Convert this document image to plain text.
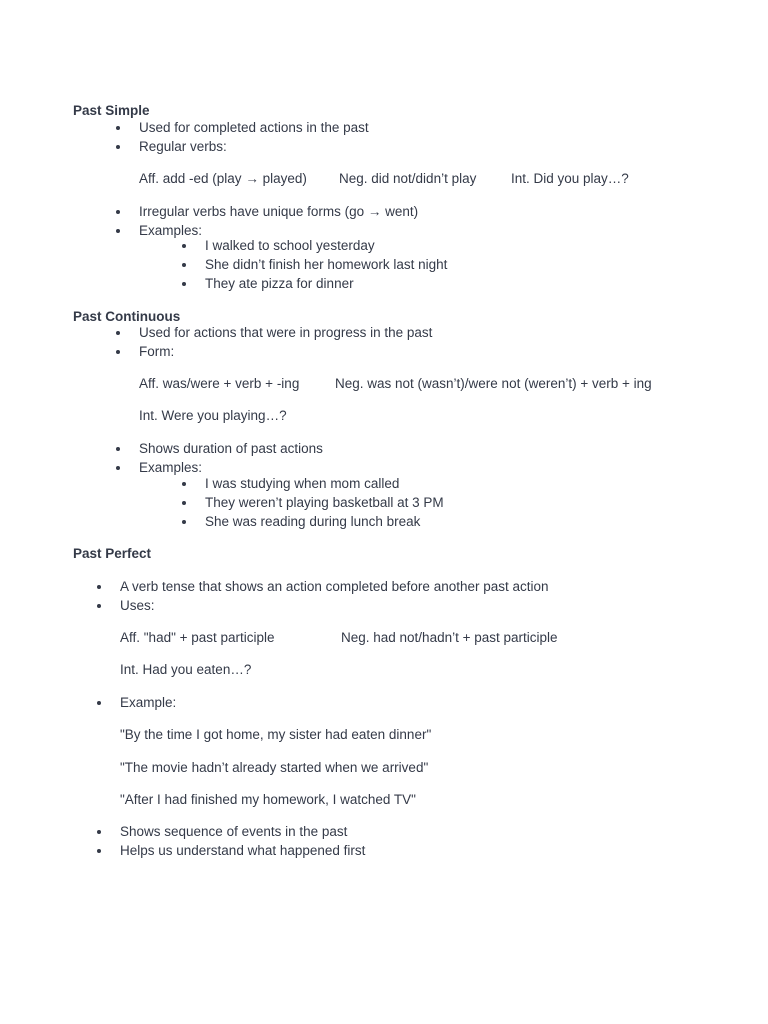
Past Simple
Used for completed actions in the past
Regular verbs:
Aff. add -ed (play → played) Neg. did not/didn’t play	Int. Did you play…?
Irregular verbs have unique forms (go → went)
Examples:
I walked to school yesterday
She didn’t finish her homework last night
They ate pizza for dinner
Past Continuous
Used for actions that were in progress in the past
Form:
Aff. was/were + verb + -ing	Neg. was not (wasn’t)/were not (weren’t) + verb + ing
Int. Were you playing…?
Shows duration of past actions
Examples:
I was studying when mom called
They weren’t playing basketball at 3 PM
She was reading during lunch break
Past Perfect
A verb tense that shows an action completed before another past action
Uses:
Aff. "had" + past participle	Neg. had not/hadn’t + past participle
Int. Had you eaten…?
Example:
"By the time I got home, my sister had eaten dinner"
"The movie hadn’t already started when we arrived"
"After I had finished my homework, I watched TV"
Shows sequence of events in the past
Helps us understand what happened first
